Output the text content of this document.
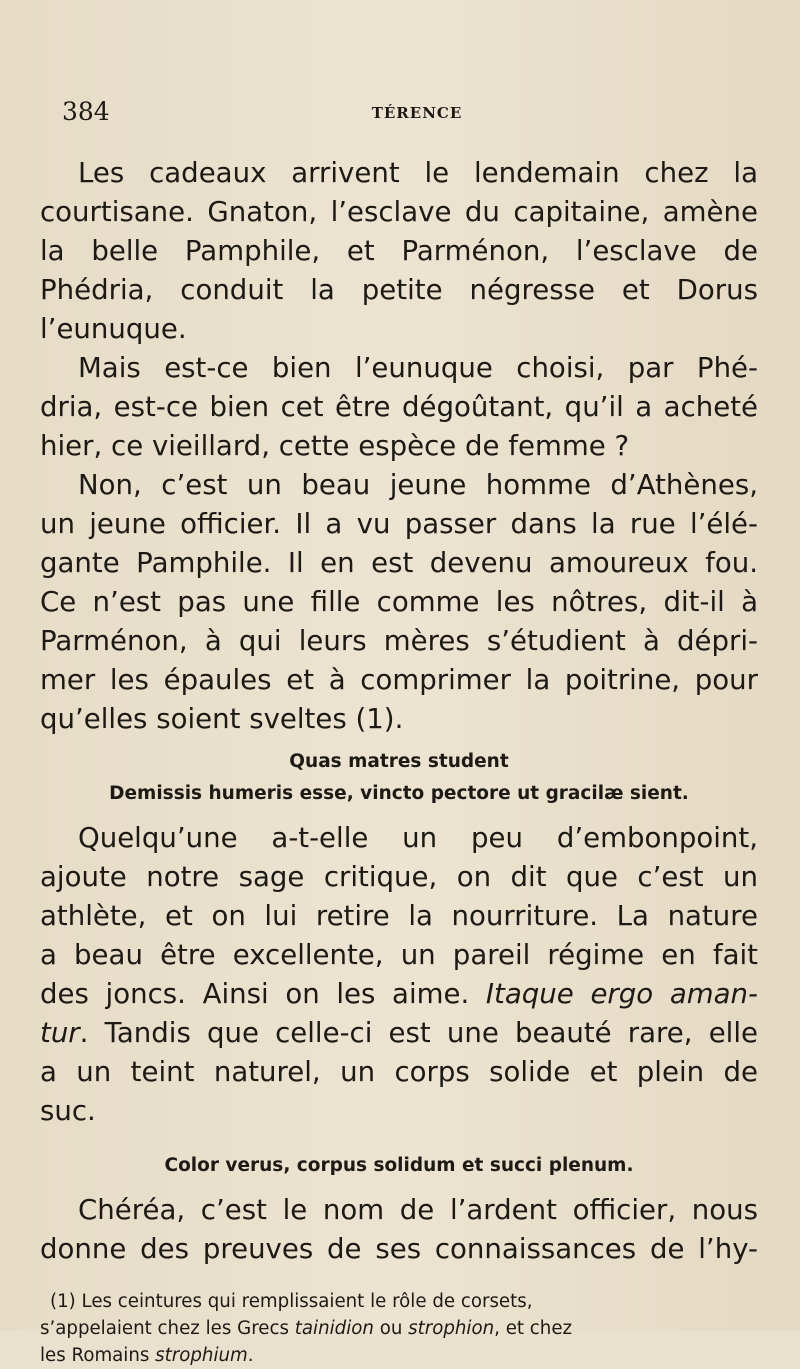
384	TÉRENCE
Les cadeaux arrivent le lendemain chez la
courtisane. Gnaton, l’esclave du capitaine, amène
la belle Pamphile, et Parménon, l’esclave de
Phédria, conduit la petite négresse et Dorus
l’eunuque.
Mais est-ce bien l’eunuque choisi, par Phé-
dria, est-ce bien cet être dégoûtant, qu’il a acheté
hier, ce vieillard, cette espèce de femme ?
Non, c’est un beau jeune homme d’Athènes,
un jeune officier. Il a vu passer dans la rue l’élé-
gante Pamphile. Il en est devenu amoureux fou.
Ce n’est pas une fille comme les nôtres, dit-il à
Parménon, à qui leurs mères s’étudient à dépri-
mer les épaules et à comprimer la poitrine, pour
qu’elles soient sveltes (1).
Quas matres student
Demissis humeris esse, vincto pectore ut gracilæ sient.
Quelqu’une a-t-elle un peu d’embonpoint,
ajoute notre sage critique, on dit que c’est un
athlète, et on lui retire la nourriture. La nature
a beau être excellente, un pareil régime en fait
des joncs. Ainsi on les aime. Itaque ergo aman-
tur. Tandis que celle-ci est une beauté rare, elle
a un teint naturel, un corps solide et plein de
suc.
Color verus, corpus solidum et succi plenum.
Chéréa, c’est le nom de l’ardent officier, nous
donne des preuves de ses connaissances de l’hy-
(1) Les ceintures qui remplissaient le rôle de corsets,
s’appelaient chez les Grecs tainidion ou strophion, et chez
les Romains strophium.
